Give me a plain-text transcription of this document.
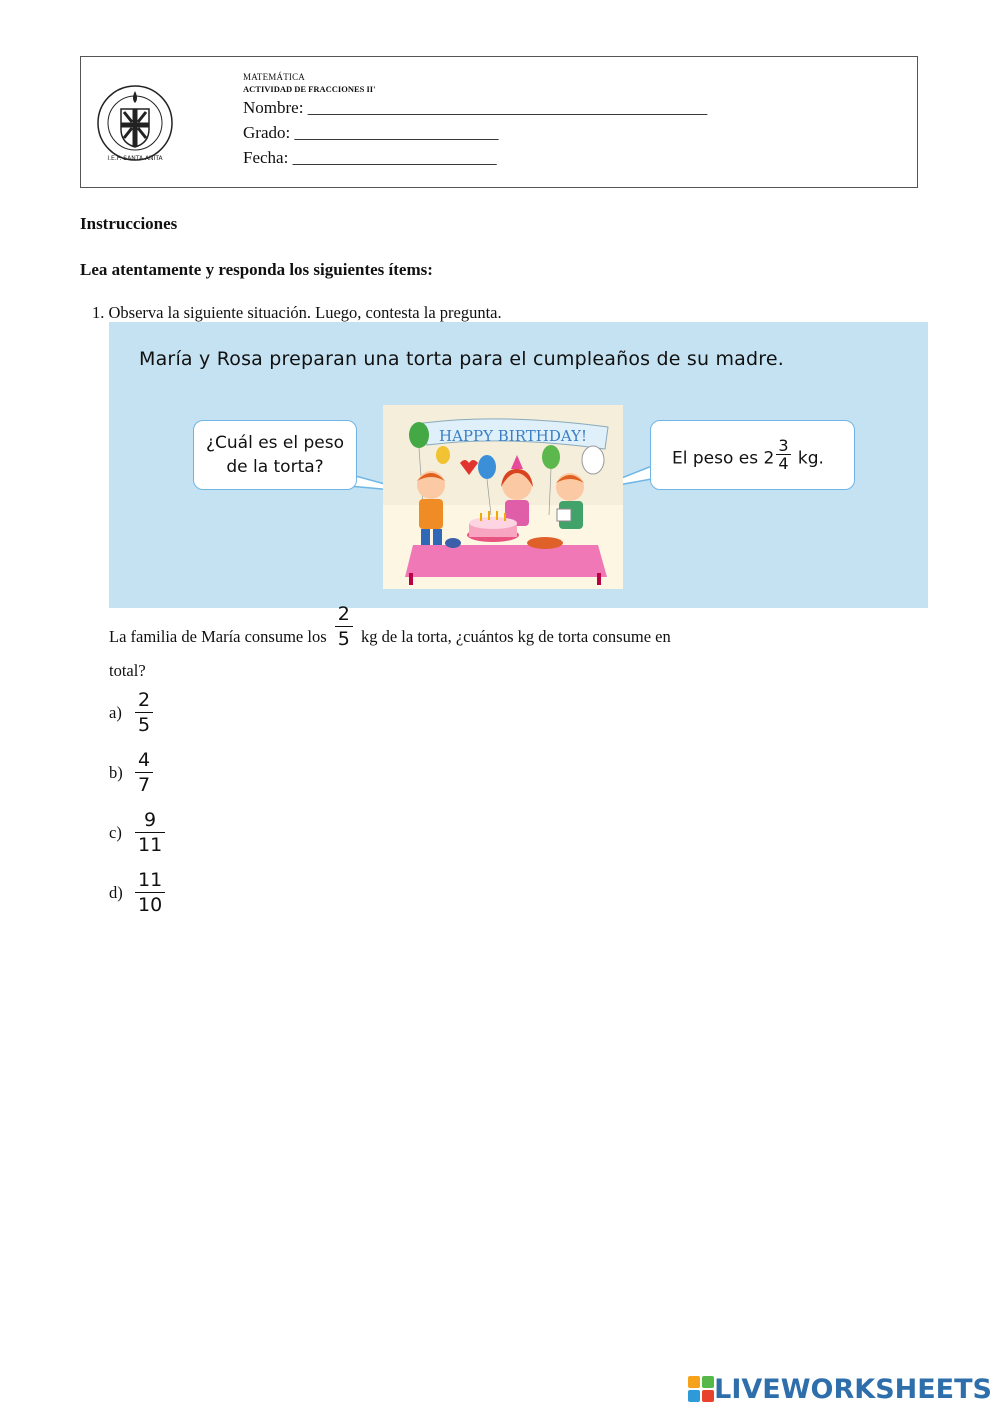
I.E.P. SANTA ANITA
MATEMÁTICA
ACTIVIDAD DE FRACCIONES II'
Nombre: _______________________________________________
Grado: ________________________
Fecha: ________________________
Instrucciones
Lea atentamente y responda los siguientes ítems:
1. Observa la siguiente situación. Luego, contesta la pregunta.
María y Rosa preparan una torta para el cumpleaños de su madre.
¿Cuál es el peso
de la torta?	El peso es $2 \frac{3}{4}$ kg.
HAPPY BIRTHDAY!
La familia de María consume los $\frac{2}{5}$ kg de la torta, ¿cuántos kg de torta consume en
total?
$a) \frac{2}{5}$
$b) \frac{4}{7}$
$c) \frac{9}{11}$
$d) \frac{11}{10}$
LIVEWORKSHEETS
